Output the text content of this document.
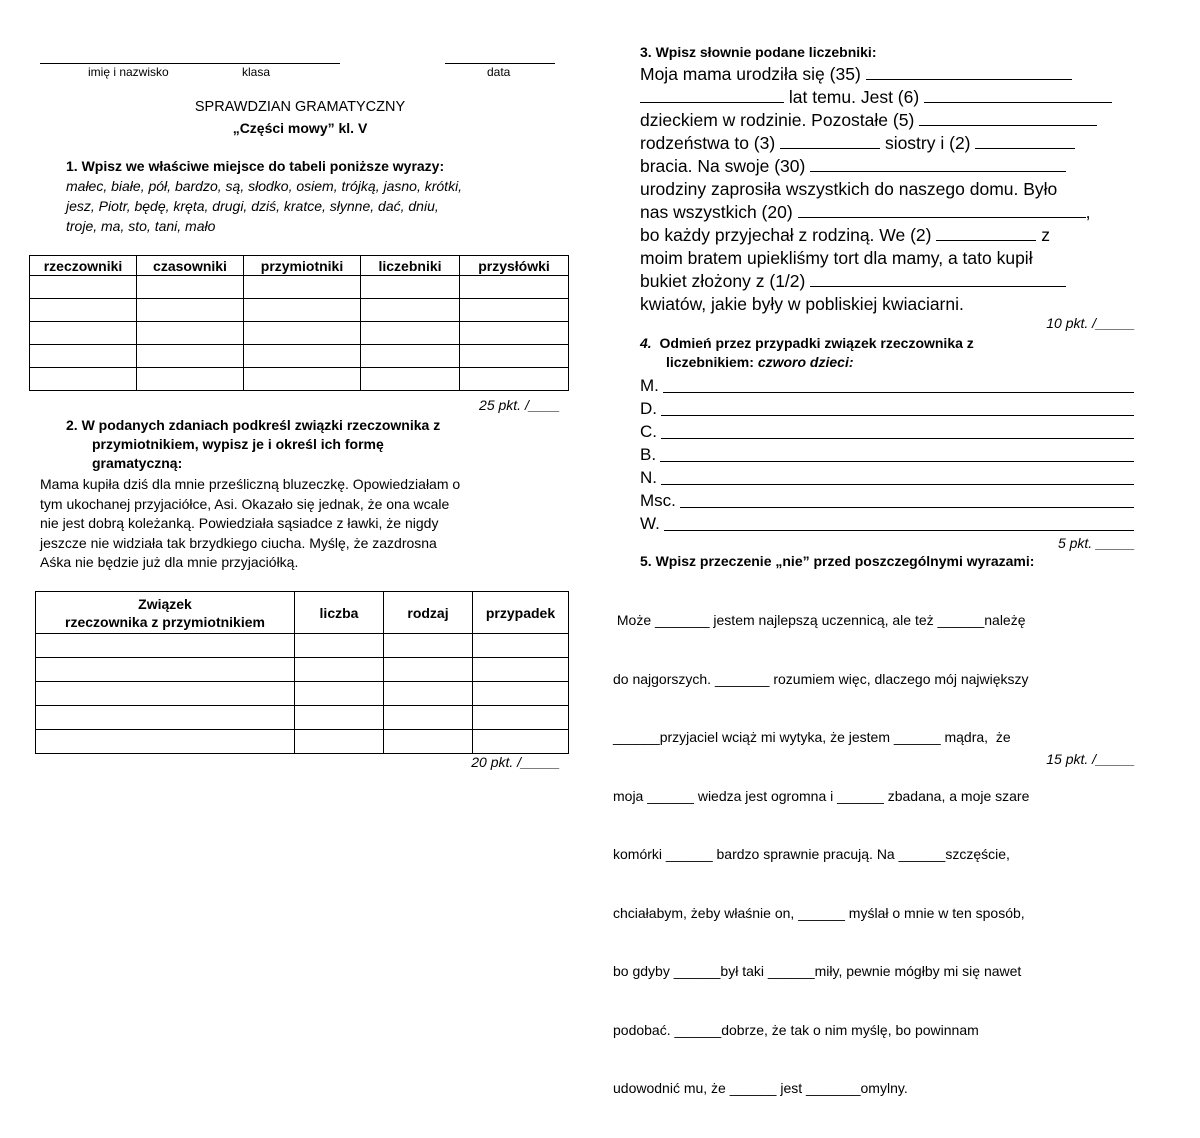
imię i nazwisko	klasa	data
SPRAWDZIAN GRAMATYCZNY
„Części mowy” kl. V
1. Wpisz we właściwe miejsce do tabeli poniższe wyrazy:
małec, białe, pół, bardzo, są, słodko, osiem, trójką, jasno, krótki,
jesz, Piotr, będę, kręta, drugi, dziś, kratce, słynne, dać, dniu,
troje, ma, sto, tani, mało
rzeczowniki	czasowniki	przymiotniki	liczebniki	przysłówki

25 pkt. /____
2. W podanych zdaniach podkreśl związki rzeczownika z
przymiotnikiem, wypisz je i określ ich formę
gramatyczną:
Mama kupiła dziś dla mnie prześliczną bluzeczkę. Opowiedziałam o
tym ukochanej przyjaciółce, Asi. Okazało się jednak, że ona wcale
nie jest dobrą koleżanką. Powiedziała sąsiadce z ławki, że nigdy
jeszcze nie widziała tak brzydkiego ciucha. Myślę, że zazdrosna
Aśka nie będzie już dla mnie przyjaciółką.
Związek
rzeczownika z przymiotnikiem	liczba	rodzaj	przypadek

20 pkt. /_____
3. Wpisz słownie podane liczebniki:
Moja mama urodziła się (35)
lat temu. Jest (6)
dzieckiem w rodzinie. Pozostałe (5)
rodzeństwa to (3)	siostry i (2)
bracia. Na swoje (30)
urodziny zaprosiła wszystkich do naszego domu. Było
nas wszystkich (20)	,
bo każdy przyjechał z rodziną. We (2)	z
moim bratem upiekliśmy tort dla mamy, a tato kupił
bukiet złożony z (1/2)
kwiatów, jakie były w pobliskiej kwiaciarni.
10 pkt. /_____
4. Odmień przez przypadki związek rzeczownika z
liczebnikiem: czworo dzieci:
M.
D.
C.
B.
N.
Msc.
W.
5 pkt. _____
5. Wpisz przeczenie „nie” przed poszczególnymi wyrazami:

Może _______ jestem najlepszą uczennicą, ale też ______należę

do najgorszych. _______ rozumiem więc, dlaczego mój największy

______przyjaciel wciąż mi wytyka, że jestem ______ mądra,  że

moja ______ wiedza jest ogromna i ______ zbadana, a moje szare

komórki ______ bardzo sprawnie pracują. Na ______szczęście,

chciałabym, żeby właśnie on, ______ myślał o mnie w ten sposób,

bo gdyby ______był taki ______miły, pewnie mógłby mi się nawet

podobać. ______dobrze, że tak o nim myślę, bo powinnam

udowodnić mu, że ______ jest _______omylny.

15 pkt. /_____
